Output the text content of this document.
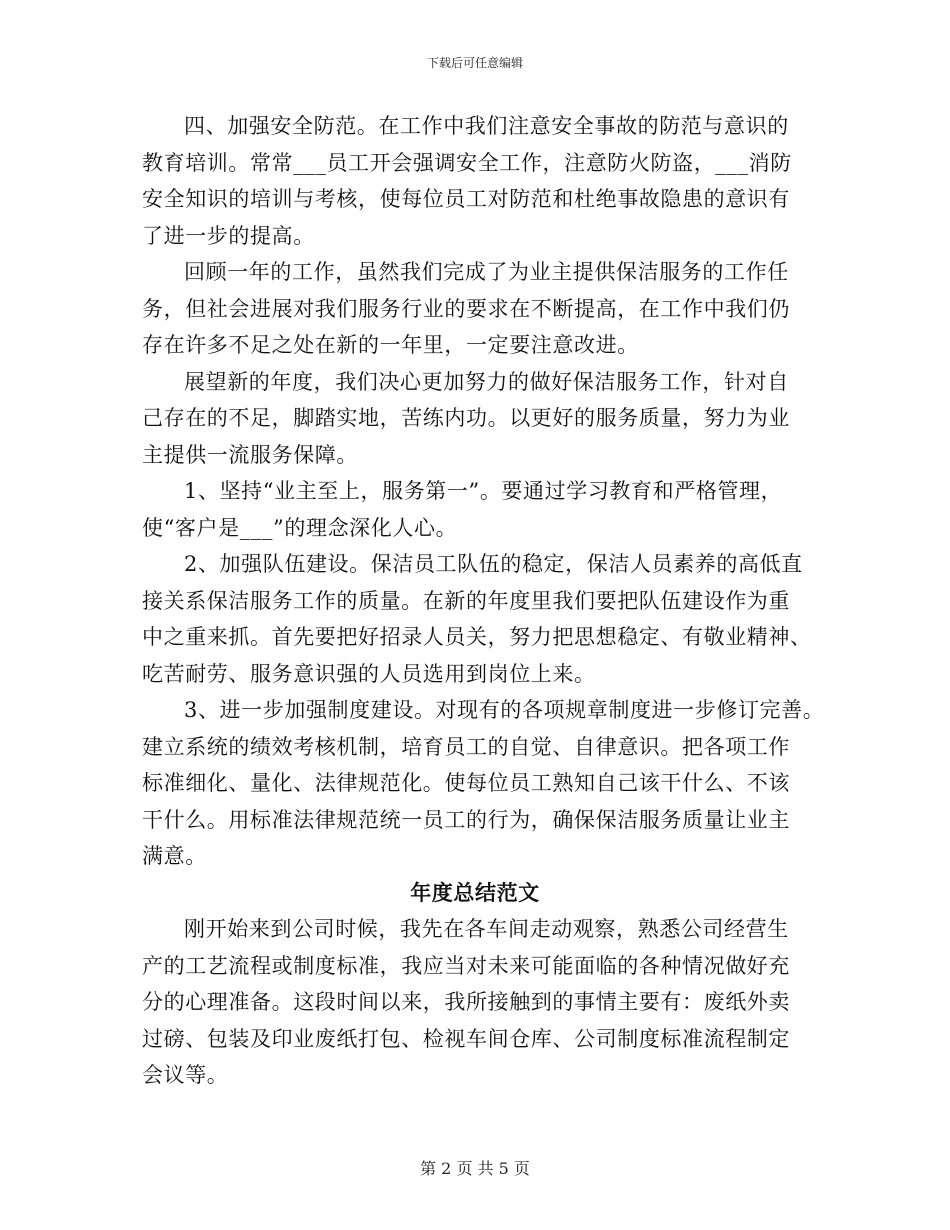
下载后可任意编辑

四、加强安全防范。在工作中我们注意安全事故的防范与意识的
教育培训。常常___员工开会强调安全工作，注意防火防盗，___消防
安全知识的培训与考核，使每位员工对防范和杜绝事故隐患的意识有
了进一步的提高。

回顾一年的工作，虽然我们完成了为业主提供保洁服务的工作任
务，但社会进展对我们服务行业的要求在不断提高，在工作中我们仍
存在许多不足之处在新的一年里，一定要注意改进。

展望新的年度，我们决心更加努力的做好保洁服务工作，针对自
己存在的不足，脚踏实地，苦练内功。以更好的服务质量，努力为业
主提供一流服务保障。

1、坚持“业主至上，服务第一”。要通过学习教育和严格管理，
使“客户是___”的理念深化人心。

2、加强队伍建设。保洁员工队伍的稳定，保洁人员素养的高低直
接关系保洁服务工作的质量。在新的年度里我们要把队伍建设作为重
中之重来抓。首先要把好招录人员关，努力把思想稳定、有敬业精神、
吃苦耐劳、服务意识强的人员选用到岗位上来。

3、进一步加强制度建设。对现有的各项规章制度进一步修订完善。
建立系统的绩效考核机制，培育员工的自觉、自律意识。把各项工作
标准细化、量化、法律规范化。使每位员工熟知自己该干什么、不该
干什么。用标准法律规范统一员工的行为，确保保洁服务质量让业主
满意。

年度总结范文

刚开始来到公司时候，我先在各车间走动观察，熟悉公司经营生
产的工艺流程或制度标准，我应当对未来可能面临的各种情况做好充
分的心理准备。这段时间以来，我所接触到的事情主要有：废纸外卖
过磅、包装及印业废纸打包、检视车间仓库、公司制度标准流程制定
会议等。

第 2 页 共 5 页
